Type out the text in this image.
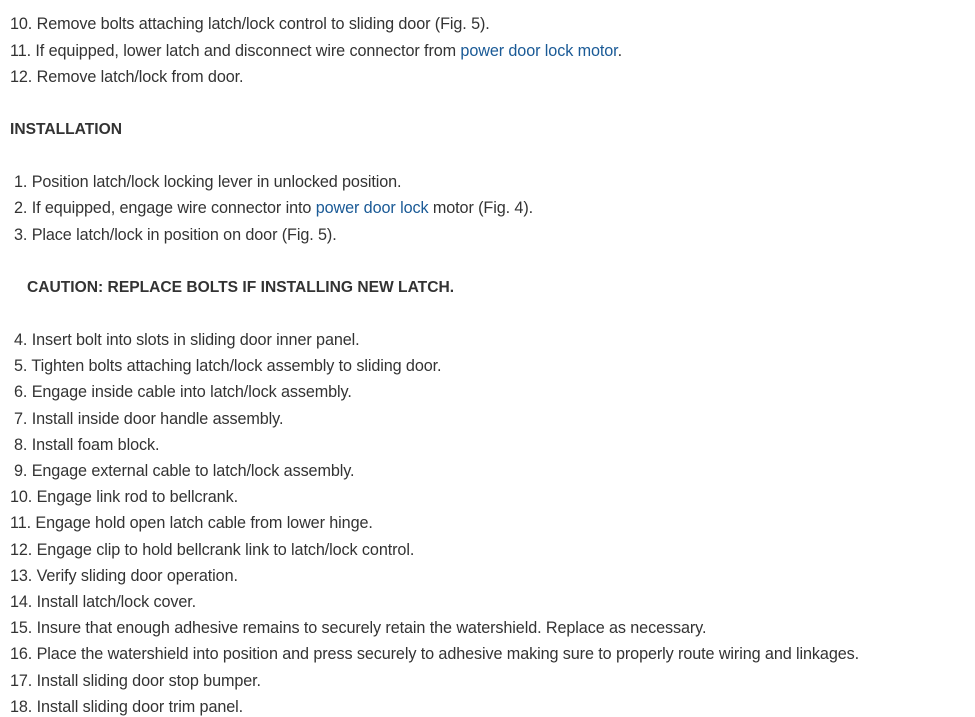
10. Remove bolts attaching latch/lock control to sliding door (Fig. 5).
11. If equipped, lower latch and disconnect wire connector from power door lock motor.
12. Remove latch/lock from door.
INSTALLATION
1. Position latch/lock locking lever in unlocked position.
2. If equipped, engage wire connector into power door lock motor (Fig. 4).
3. Place latch/lock in position on door (Fig. 5).
CAUTION: REPLACE BOLTS IF INSTALLING NEW LATCH.
4. Insert bolt into slots in sliding door inner panel.
5. Tighten bolts attaching latch/lock assembly to sliding door.
6. Engage inside cable into latch/lock assembly.
7. Install inside door handle assembly.
8. Install foam block.
9. Engage external cable to latch/lock assembly.
10. Engage link rod to bellcrank.
11. Engage hold open latch cable from lower hinge.
12. Engage clip to hold bellcrank link to latch/lock control.
13. Verify sliding door operation.
14. Install latch/lock cover.
15. Insure that enough adhesive remains to securely retain the watershield. Replace as necessary.
16. Place the watershield into position and press securely to adhesive making sure to properly route wiring and linkages.
17. Install sliding door stop bumper.
18. Install sliding door trim panel.
